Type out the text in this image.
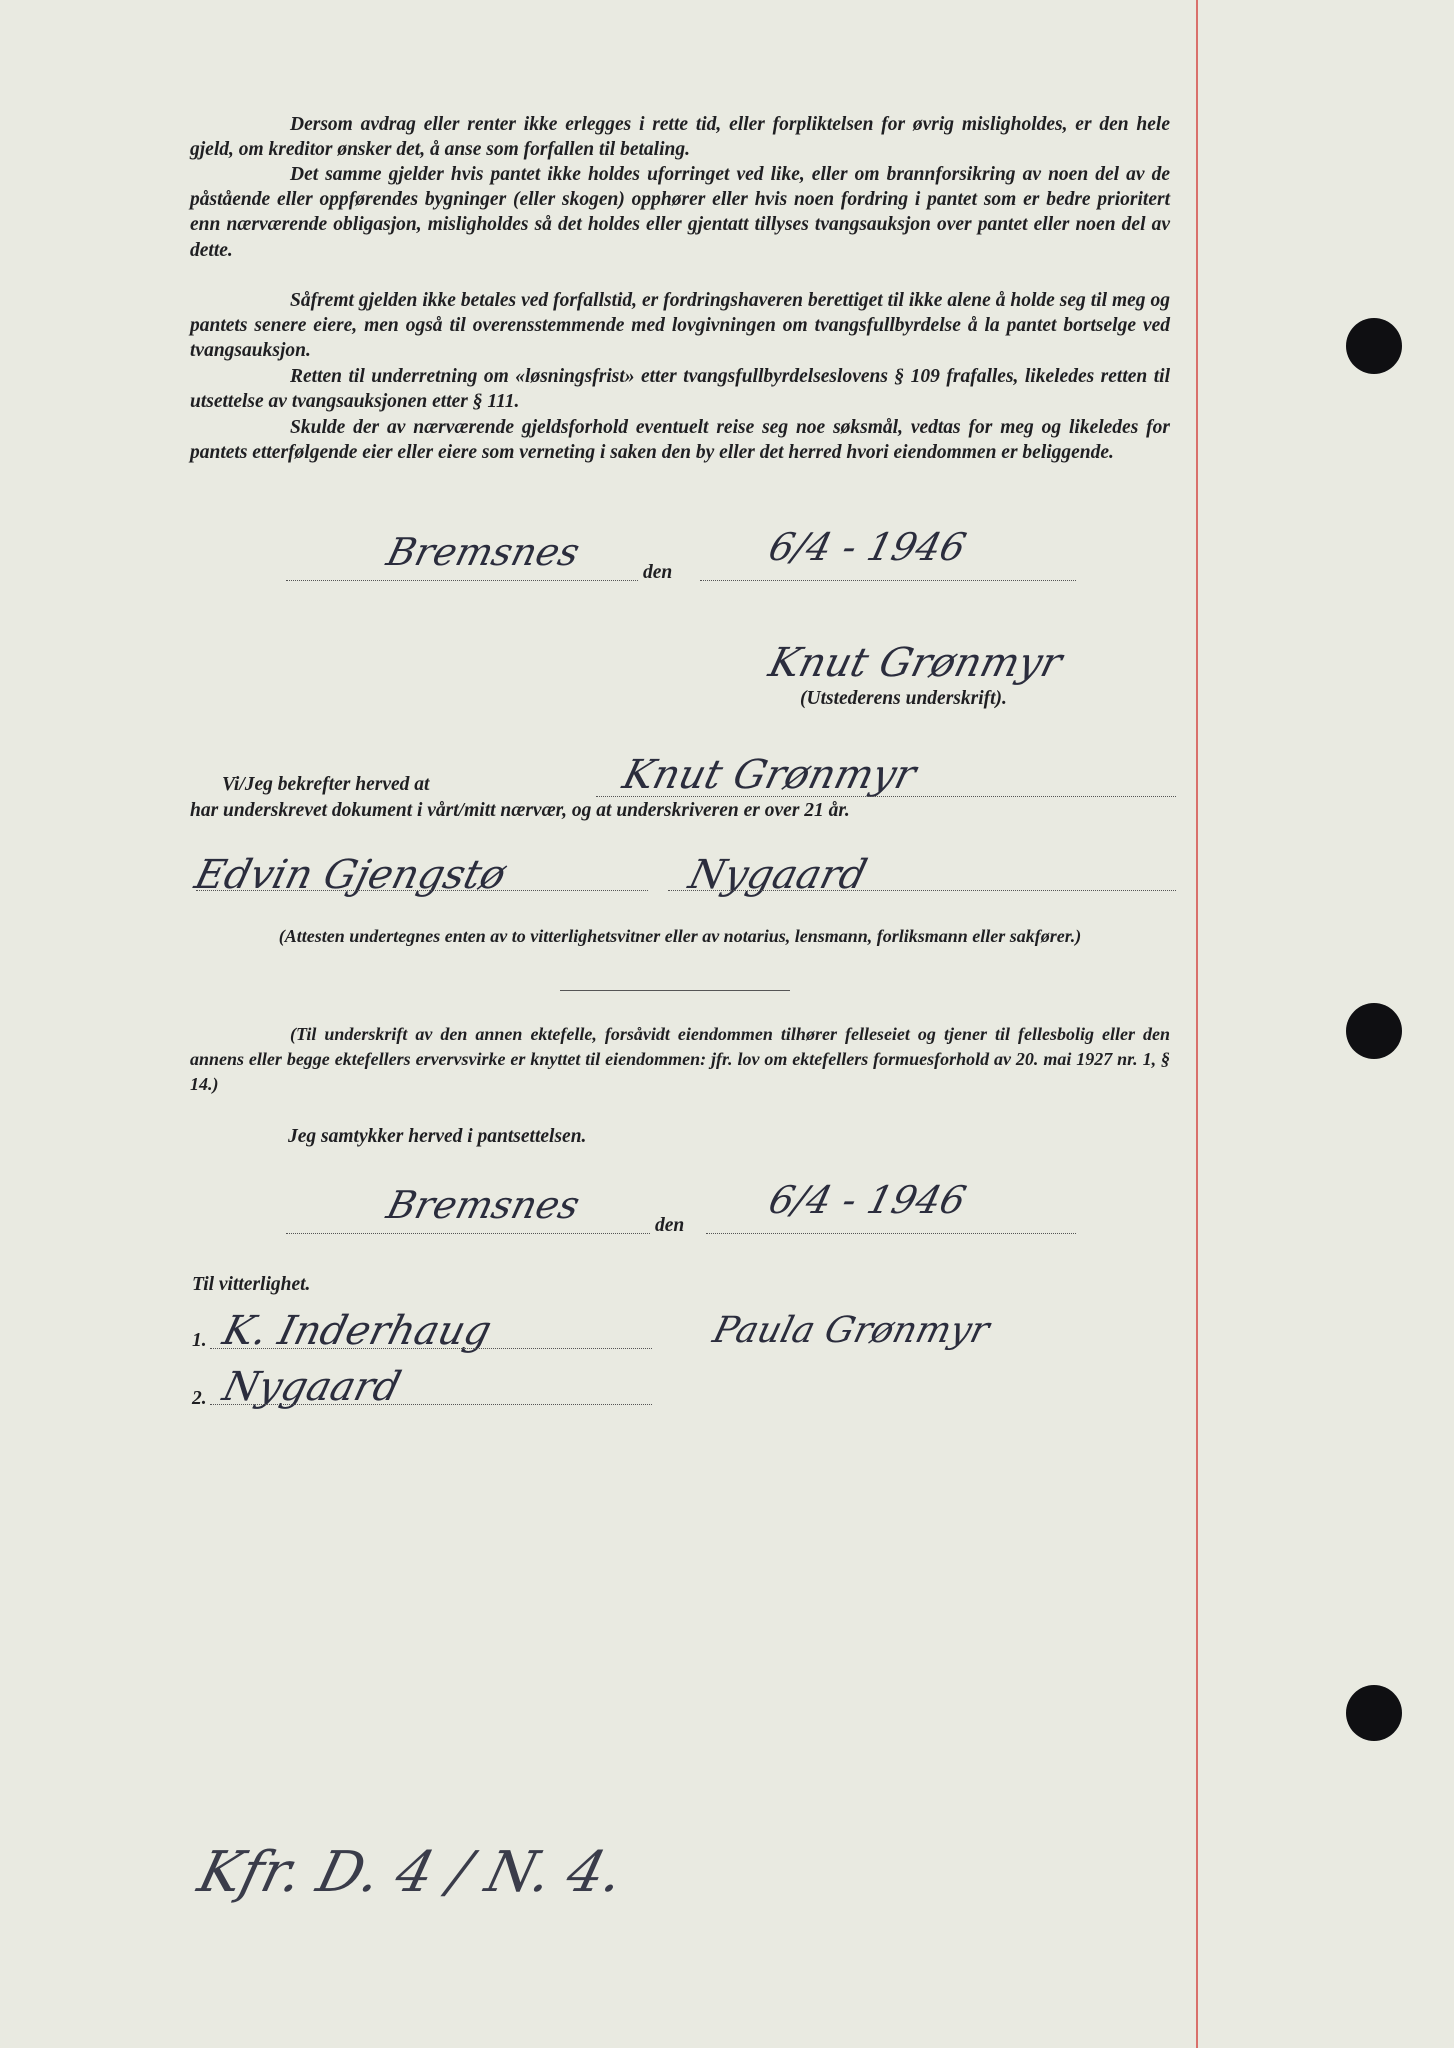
Dersom avdrag eller renter ikke erlegges i rette tid, eller forpliktelsen for øvrig misligholdes, er den hele gjeld, om kreditor ønsker det, å anse som forfallen til betaling.

Det samme gjelder hvis pantet ikke holdes uforringet ved like, eller om brannforsikring av noen del av de påstående eller oppførendes bygninger (eller skogen) opphører eller hvis noen fordring i pantet som er bedre prioritert enn nærværende obligasjon, misligholdes så det holdes eller gjentatt tillyses tvangsauksjon over pantet eller noen del av dette.

Såfremt gjelden ikke betales ved forfallstid, er fordringshaveren berettiget til ikke alene å holde seg til meg og pantets senere eiere, men også til overensstemmende med lovgivningen om tvangsfullbyrdelse å la pantet bortselge ved tvangsauksjon.

Retten til underretning om «løsningsfrist» etter tvangsfullbyrdelseslovens § 109 frafalles, likeledes retten til utsettelse av tvangsauksjonen etter § 111.

Skulde der av nærværende gjeldsforhold eventuelt reise seg noe søksmål, vedtas for meg og likeledes for pantets etterfølgende eier eller eiere som verneting i saken den by eller det herred hvori eiendommen er beliggende.

Bremsnes	den
6/4 - 1946
Knut Grønmyr
(Utstederens underskrift).
Vi/Jeg bekrefter herved at	Knut Grønmyr
har underskrevet dokument i vårt/mitt nærvær, og at underskriveren er over 21 år.
Edvin Gjengstø	Nygaard
(Attesten undertegnes enten av to vitterlighetsvitner eller av notarius, lensmann, forliksmann eller sakfører.)

(Til underskrift av den annen ektefelle, forsåvidt eiendommen tilhører felleseiet og tjener til fellesbolig eller den annens eller begge ektefellers ervervsvirke er knyttet til eiendommen: jfr. lov om ektefellers formuesforhold av 20. mai 1927 nr. 1, § 14.)

Jeg samtykker herved i pantsettelsen.
Bremsnes	den
6/4 - 1946
Til vitterlighet.
1. K. Inderhaug	Paula Grønmyr
2. Nygaard
Kfr. D. 4 / N. 4.
